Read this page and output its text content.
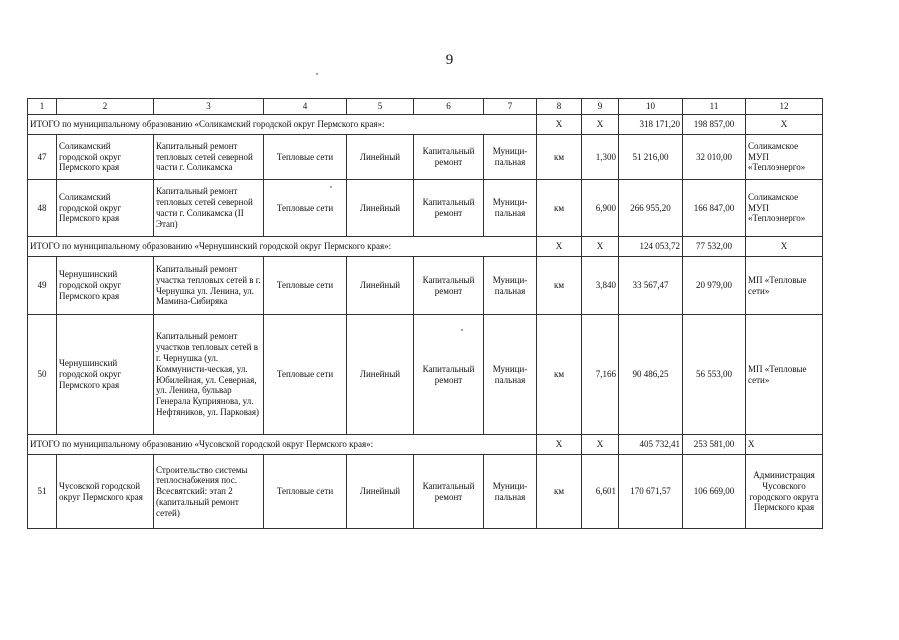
9
1	2	3	4	5	6	7	8	9	10	11	12
ИТОГО по муниципальному образованию «Соликамский городской округ Пермского края»:							X	X	318 171,20	198 857,00	X
47	Соликамский городской округ Пермского края	Капитальный ремонт тепловых сетей северной части г. Соликамска	Тепловые сети	Линейный	Капитальный ремонт	Муници-пальная	км	1,300	51 216,00	32 010,00	Соликамское МУП «Теплоэнерго»
48	Соликамский городской округ Пермского края	Капитальный ремонт тепловых сетей северной части г. Соликамска (II Этап)	Тепловые сети	Линейный	Капитальный ремонт	Муници-пальная	км	6,900	266 955,20	166 847,00	Соликамское МУП «Теплоэнерго»
ИТОГО по муниципальному образованию «Чернушинский городской округ Пермского края»:							X	X	124 053,72	77 532,00	X
49	Чернушинский городской округ Пермского края	Капитальный ремонт участка тепловых сетей в г. Чернушка ул. Ленина, ул. Мамина-Сибиряка	Тепловые сети	Линейный	Капитальный ремонт	Муници-пальная	км	3,840	33 567,47	20 979,00	МП «Тепловые сети»
50	Чернушинский городской округ Пермского края	Капитальный ремонт участков тепловых сетей в г. Чернушка (ул. Коммунисти-ческая, ул. Юбилейная, ул. Северная, ул. Ленина, бульвар Генерала Куприянова, ул. Нефтяников, ул. Парковая)	Тепловые сети	Линейный	Капитальный ремонт	Муници-пальная	км	7,166	90 486,25	56 553,00	МП «Тепловые сети»
ИТОГО по муниципальному образованию «Чусовской городской округ Пермского края»:							X	X	405 732,41	253 581,00	X
51	Чусовской городской округ Пермского края	Строительство системы теплоснабжения пос. Всесвятский: этап 2 (капитальный ремонт сетей)	Тепловые сети	Линейный	Капитальный ремонт	Муници-пальная	км	6,601	170 671,57	106 669,00	Администрация Чусовского городского округа Пермского края
